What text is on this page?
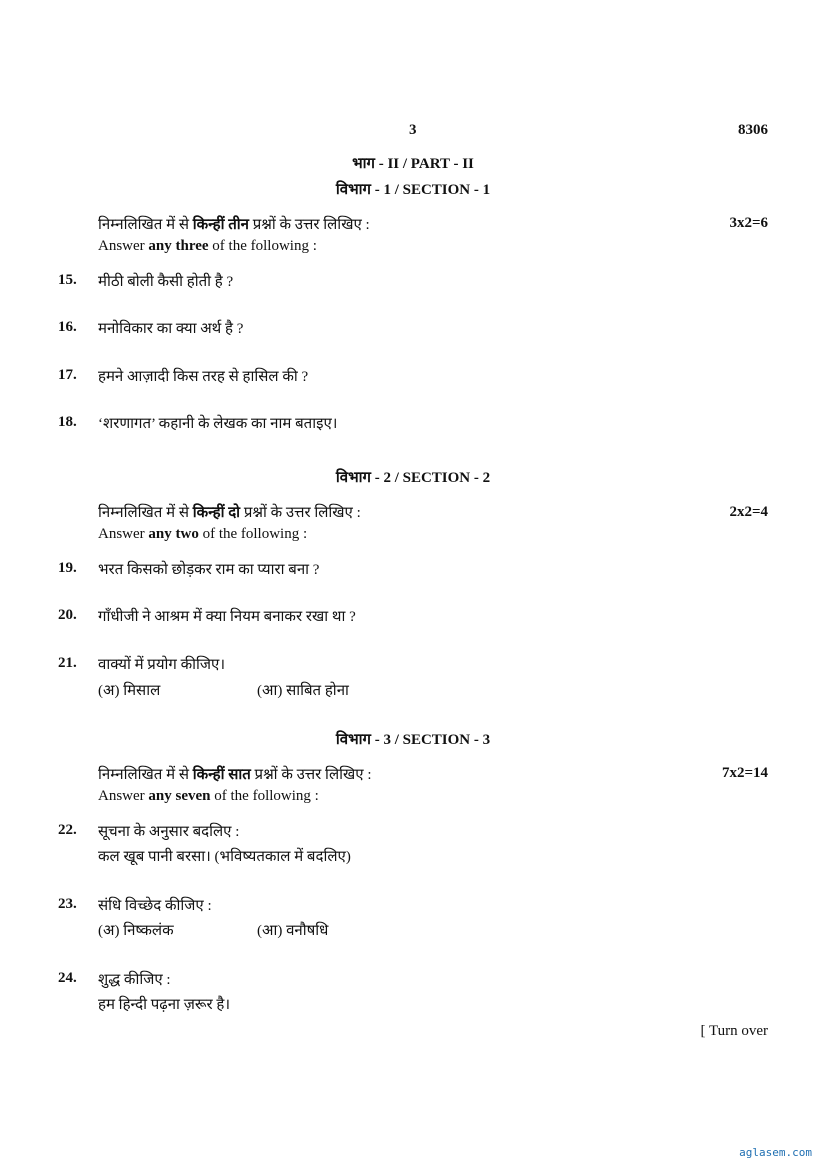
3	8306
भाग - II / PART - II
विभाग - 1 / SECTION - 1
निम्नलिखित में से किन्हीं तीन प्रश्नों के उत्तर लिखिए :	3x2=6
Answer any three of the following :
15. मीठी बोली कैसी होती है ?
16. मनोविकार का क्या अर्थ है ?
17. हमने आज़ादी किस तरह से हासिल की ?
18. ‘शरणागत’ कहानी के लेखक का नाम बताइए।
विभाग - 2 / SECTION - 2
निम्नलिखित में से किन्हीं दो प्रश्नों के उत्तर लिखिए :	2x2=4
Answer any two of the following :
19. भरत किसको छोड़कर राम का प्यारा बना ?
20. गाँधीजी ने आश्रम में क्या नियम बनाकर रखा था ?
21. वाक्यों में प्रयोग कीजिए।
(अ) मिसाल	(आ) साबित होना
विभाग - 3 / SECTION - 3
निम्नलिखित में से किन्हीं सात प्रश्नों के उत्तर लिखिए :	7x2=14
Answer any seven of the following :
22. सूचना के अनुसार बदलिए :
कल खूब पानी बरसा। (भविष्यतकाल में बदलिए)
23. संधि विच्छेद कीजिए :
(अ) निष्कलंक	(आ) वनौषधि
24. शुद्ध कीजिए :
हम हिन्दी पढ़ना ज़रूर है।
[ Turn over
aglasem.com
